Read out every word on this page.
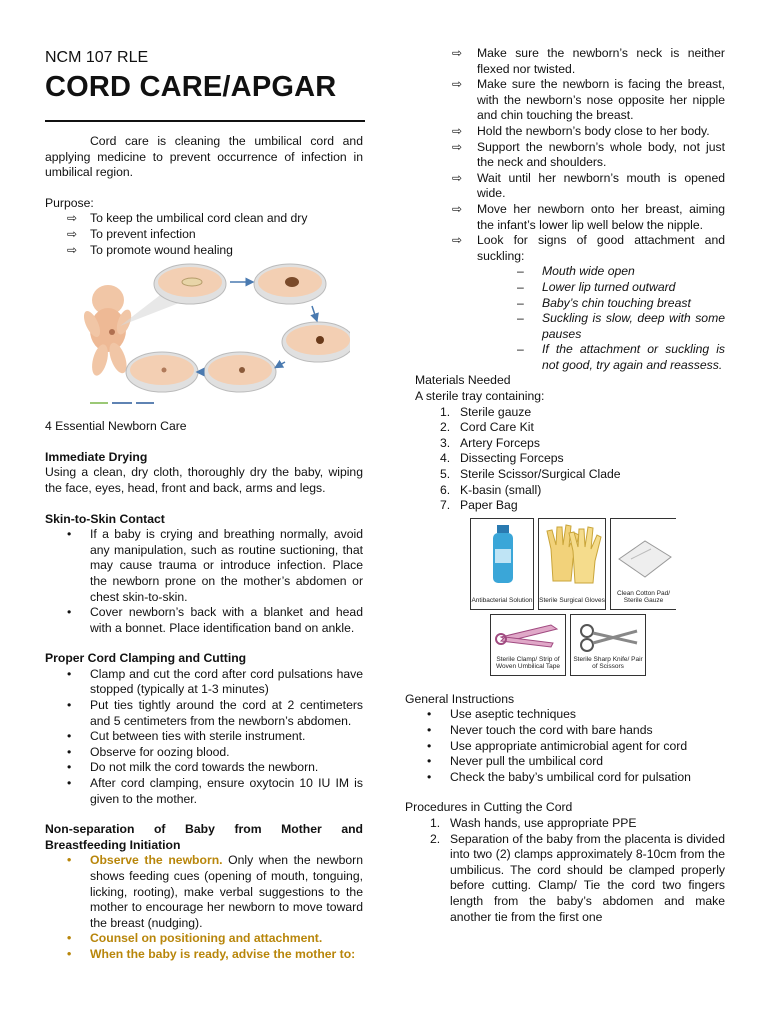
NCM 107 RLE
CORD CARE/APGAR

Cord care is cleaning the umbilical cord and applying medicine to prevent occurrence of infection in umbilical region.

Purpose:
⇨ To keep the umbilical cord clean and dry
⇨ To prevent infection
⇨ To promote wound healing
4 Essential Newborn Care
Immediate Drying

Using a clean, dry cloth, thoroughly dry the baby, wiping the face, eyes, head, front and back, arms and legs.

Skin-to-Skin Contact
• If a baby is crying and breathing normally, avoid any manipulation, such as routine suctioning, that may cause trauma or introduce infection. Place the newborn prone on the mother’s abdomen or chest skin-to-skin.
• Cover newborn’s back with a blanket and head with a bonnet. Place identification band on ankle.
Proper Cord Clamping and Cutting
• Clamp and cut the cord after cord pulsations have stopped (typically at 1-3 minutes)
• Put ties tightly around the cord at 2 centimeters and 5 centimeters from the newborn’s abdomen.
• Cut between ties with sterile instrument.
• Observe for oozing blood.
• Do not milk the cord towards the newborn.
• After cord clamping, ensure oxytocin 10 IU IM is given to the mother.
Non-separation of Baby from Mother and Breastfeeding Initiation
• Observe the newborn. Only when the newborn shows feeding cues (opening of mouth, tonguing, licking, rooting), make verbal suggestions to the mother to encourage her newborn to move toward the breast (nudging).
• Counsel on positioning and attachment.
• When the baby is ready, advise the mother to:
⇨ Make sure the newborn’s neck is neither flexed nor twisted.
⇨ Make sure the newborn is facing the breast, with the newborn’s nose opposite her nipple and chin touching the breast.
⇨ Hold the newborn’s body close to her body.
⇨ Support the newborn’s whole body, not just the neck and shoulders.
⇨ Wait until her newborn’s mouth is opened wide.
⇨ Move her newborn onto her breast, aiming the infant’s lower lip well below the nipple.
⇨ Look for signs of good attachment and suckling:
– Mouth wide open
– Lower lip turned outward
– Baby’s chin touching breast
– Suckling is slow, deep with some pauses
– If the attachment or suckling is not good, try again and reassess.
Materials Needed
A sterile tray containing:
1. Sterile gauze
2. Cord Care Kit
3. Artery Forceps
4. Dissecting Forceps
5. Sterile Scissor/Surgical Clade
6. K-basin (small)
7. Paper Bag
Antibacterial Solution Sterile Surgical Gloves
Clean Cotton Pad/ Sterile Gauze
Sterile Clamp/ Strip of Woven Umbilical Tape
Sterile Sharp Knife/ Pair of Scissors
General Instructions
• Use aseptic techniques
• Never touch the cord with bare hands
• Use appropriate antimicrobial agent for cord
• Never pull the umbilical cord
• Check the baby’s umbilical cord for pulsation
Procedures in Cutting the Cord
1. Wash hands, use appropriate PPE
2. Separation of the baby from the placenta is divided into two (2) clamps approximately 8-10cm from the umbilicus. The cord should be clamped properly before cutting. Clamp/ Tie the cord two fingers length from the baby’s abdomen and make another tie from the first one
